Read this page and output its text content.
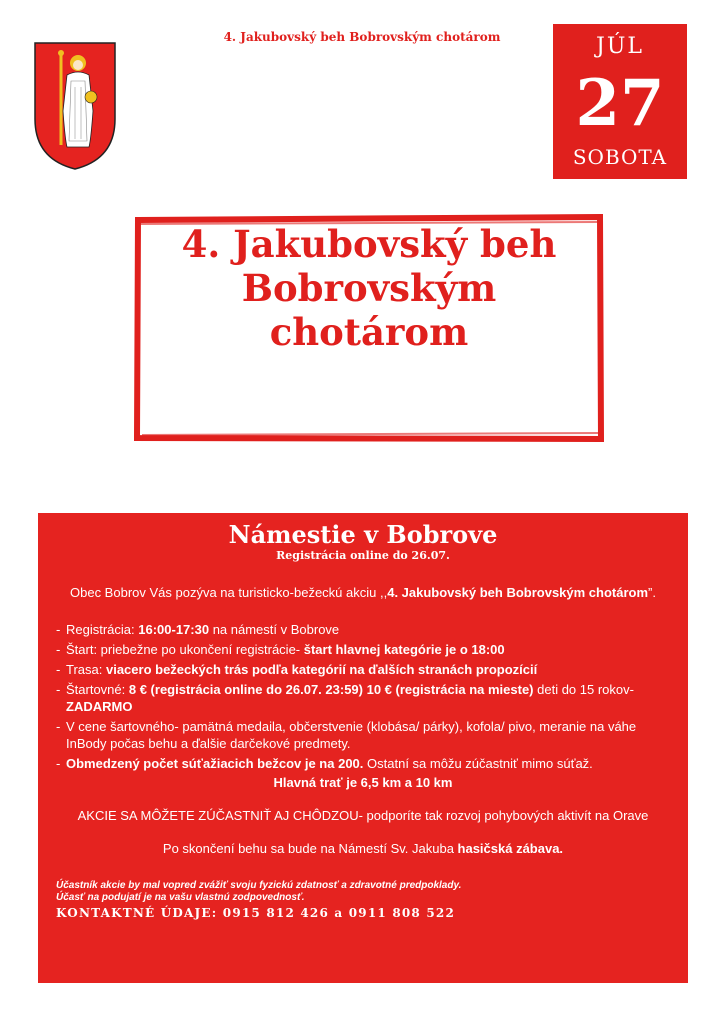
4. Jakubovský beh Bobrovským chotárom	JÚL
27
SOBOTA
4. Jakubovský beh
Bobrovským
chotárom
Námestie v Bobrove
Registrácia online do 26.07.
Obec Bobrov Vás pozýva na turisticko-bežeckú akciu ,,4. Jakubovský beh Bobrovským chotárom”.
- Registrácia: 16:00-17:30 na námestí v Bobrove
- Štart: priebežne po ukončení registrácie- štart hlavnej kategórie je o 18:00
- Trasa: viacero bežeckých trás podľa kategórií na ďalších stranách propozícií
- Štartovné: 8 € (registrácia online do 26.07. 23:59) 10 € (registrácia na mieste) deti do 15 rokov- ZADARMO
- V cene šartovného- pamätná medaila, občerstvenie (klobása/ párky), kofola/ pivo, meranie na váhe InBody počas behu a ďalšie darčekové predmety.
- Obmedzený počet súťažiacich bežcov je na 200. Ostatní sa môžu zúčastniť mimo súťaž.
Hlavná trať je 6,5 km a 10 km
AKCIE SA MÔŽETE ZÚČASTNIŤ AJ CHÔDZOU- podporíte tak rozvoj pohybových aktivít na Orave
Po skončení behu sa bude na Námestí Sv. Jakuba hasičská zábava.
Účastník akcie by mal vopred zvážiť svoju fyzickú zdatnosť a zdravotné predpoklady.
Účasť na podujatí je na vašu vlastnú zodpovednosť.
KONTAKTNÉ ÚDAJE: 0915 812 426 a 0911 808 522
